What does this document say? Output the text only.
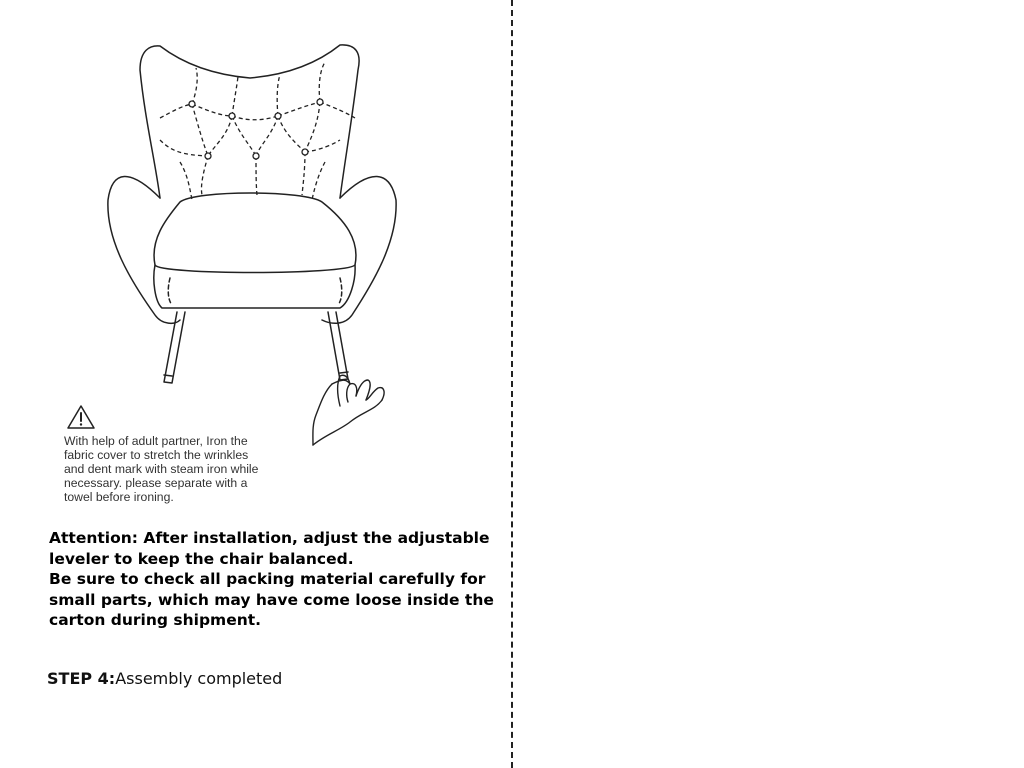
With help of adult partner, Iron the
fabric cover to stretch the wrinkles
and dent mark with steam iron while
necessary. please separate with a
towel before ironing.

Attention: After installation, adjust the adjustable leveler to keep the chair balanced.

Be sure to check all packing material carefully for small parts, which may have come loose inside the carton during shipment.

STEP 4:Assembly completed
